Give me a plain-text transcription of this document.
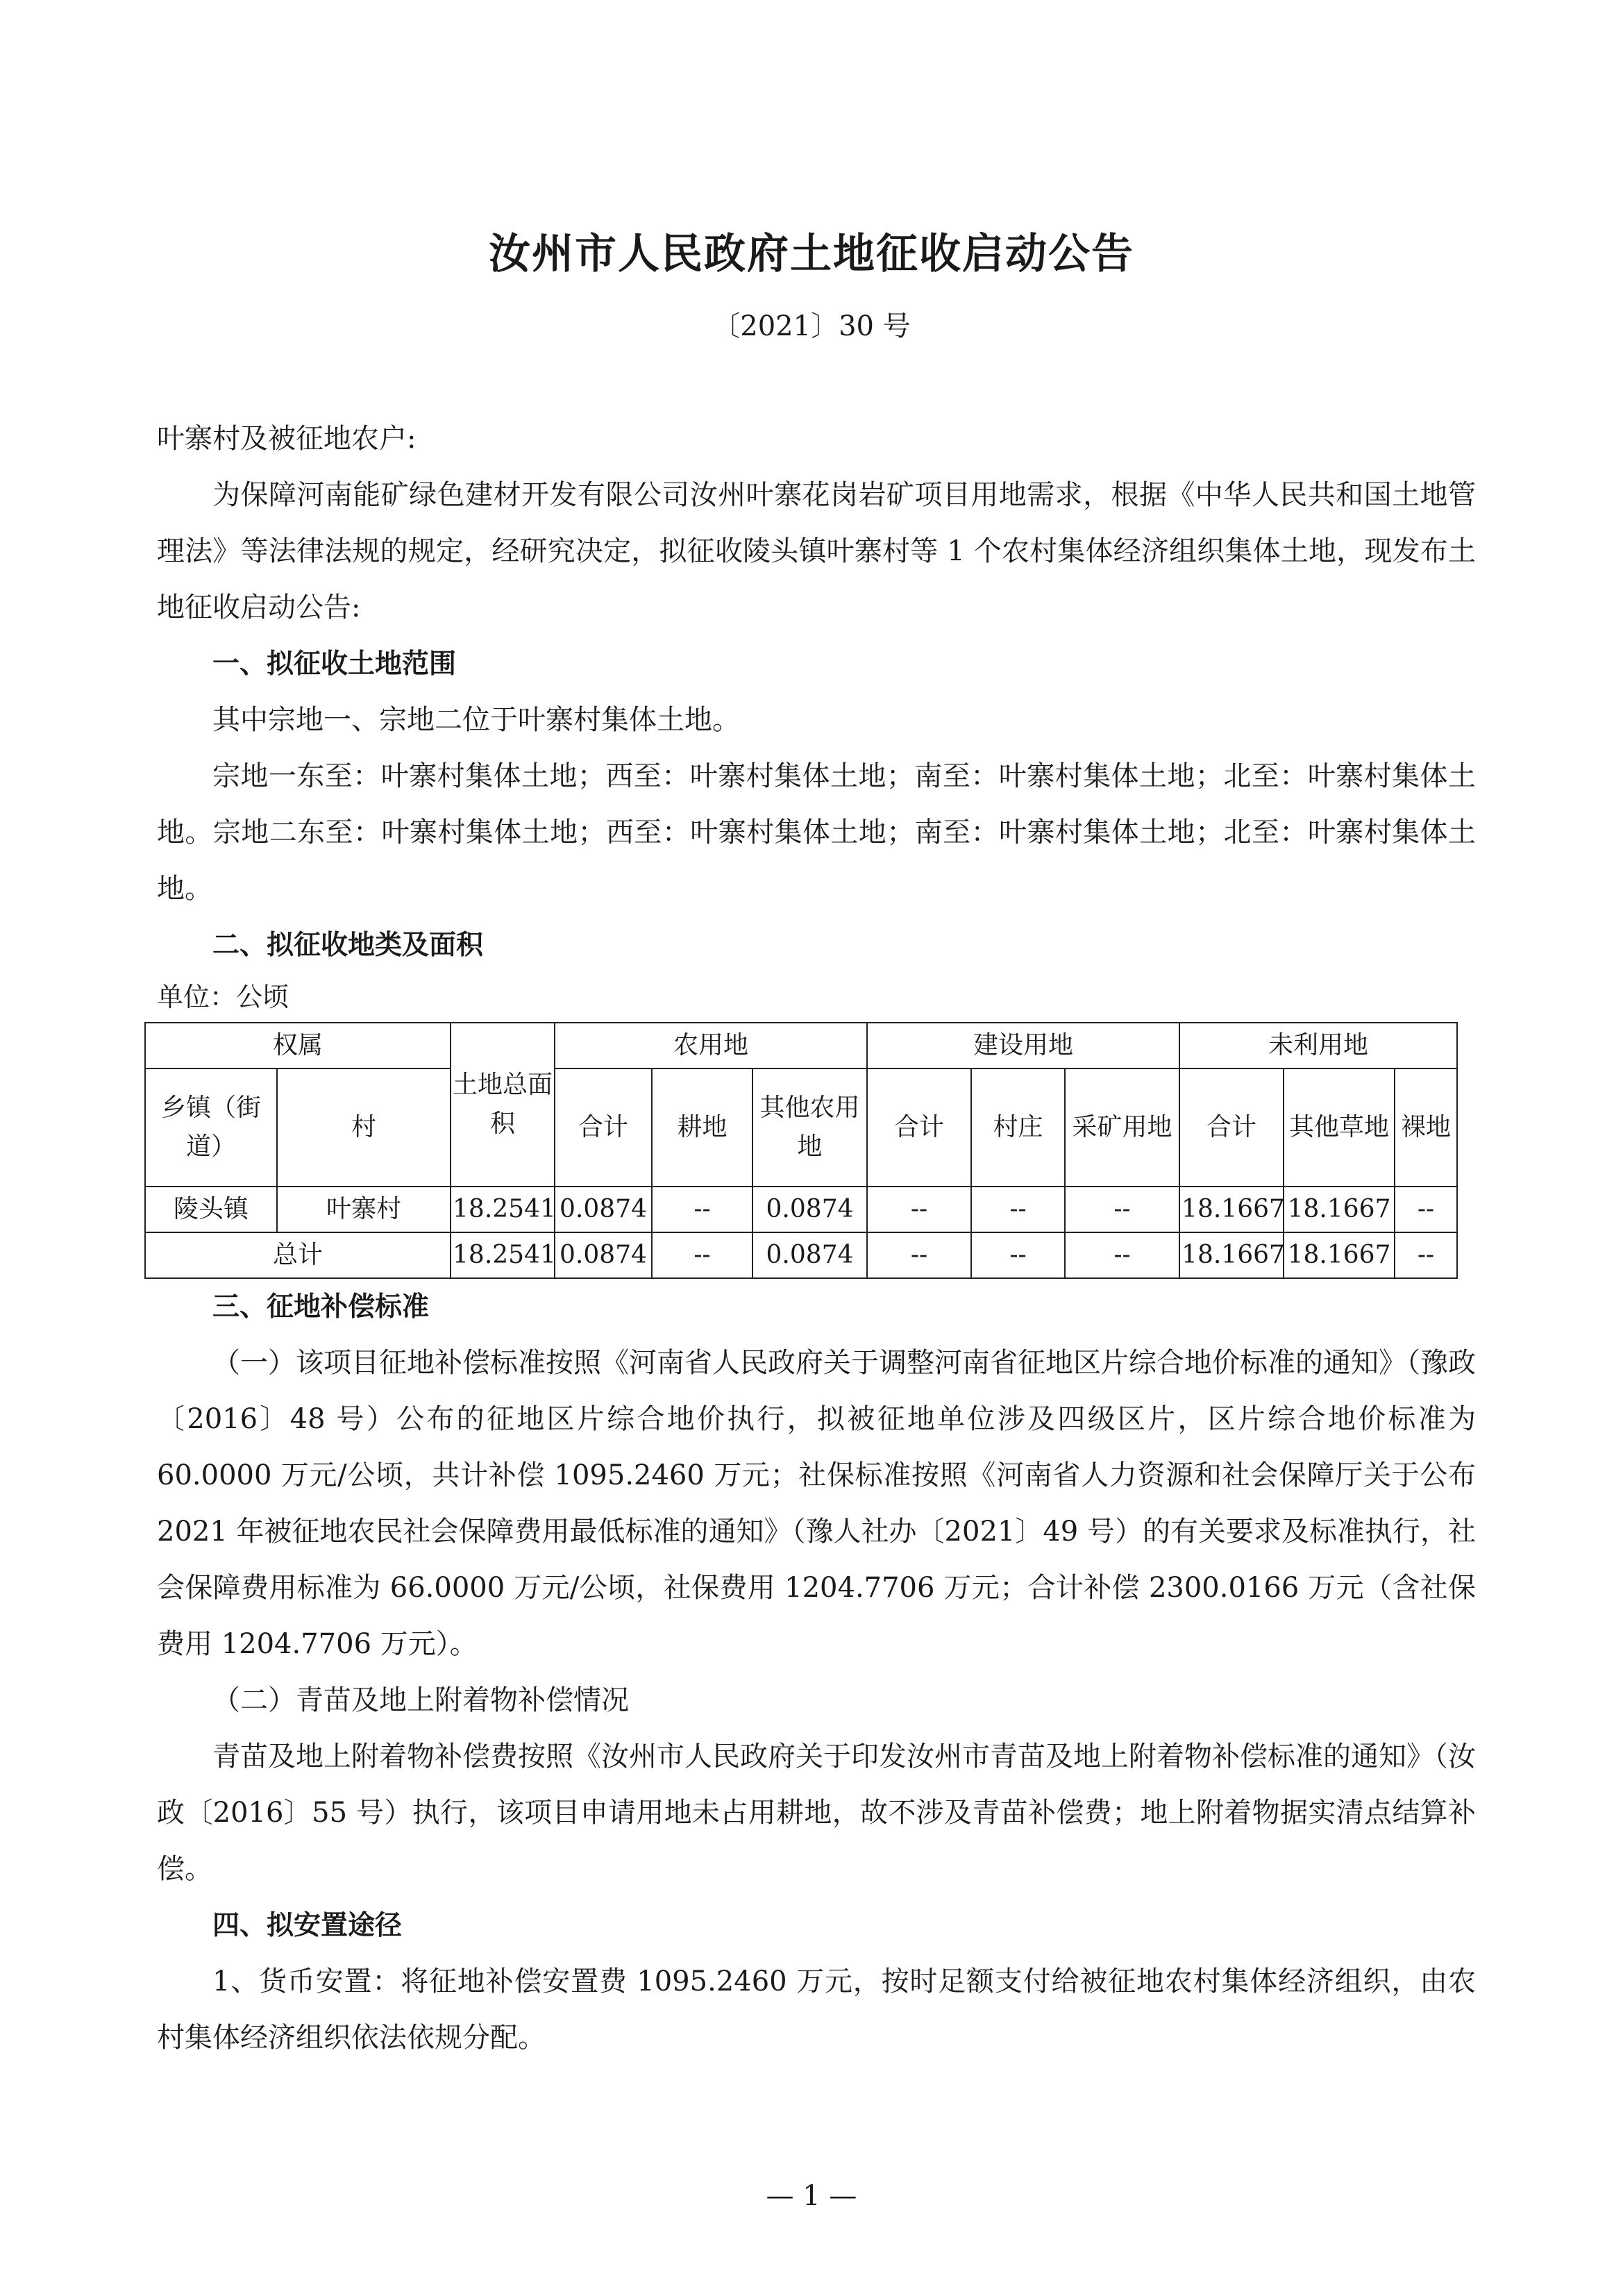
汝州市人民政府土地征收启动公告
〔2021〕30 号

叶寨村及被征地农户:

为保障河南能矿绿色建材开发有限公司汝州叶寨花岗岩矿项目用地需求，根据《中华人民共和国土地管理法》等法律法规的规定，经研究决定，拟征收陵头镇叶寨村等 1 个农村集体经济组织集体土地，现发布土地征收启动公告:

一、拟征收土地范围

其中宗地一、宗地二位于叶寨村集体土地。

宗地一东至：叶寨村集体土地；西至：叶寨村集体土地；南至：叶寨村集体土地；北至：叶寨村集体土地。宗地二东至：叶寨村集体土地；西至：叶寨村集体土地；南至：叶寨村集体土地；北至：叶寨村集体土地。

二、拟征收地类及面积

单位：公顷

权属		土地总面积	农用地			建设用地			未利用地		
乡镇（街道）	村		合计	耕地	其他农用地	合计	村庄	采矿用地	合计	其他草地	裸地
陵头镇	叶寨村	18.2541	0.0874	--	0.0874	--	--	--	18.1667	18.1667	--
总计		18.2541	0.0874	--	0.0874	--	--	--	18.1667	18.1667	--

三、征地补偿标准

（一）该项目征地补偿标准按照《河南省人民政府关于调整河南省征地区片综合地价标准的通知》（豫政〔2016〕48 号）公布的征地区片综合地价执行，拟被征地单位涉及四级区片，区片综合地价标准为 60.0000 万元/公顷，共计补偿 1095.2460 万元；社保标准按照《河南省人力资源和社会保障厅关于公布 2021 年被征地农民社会保障费用最低标准的通知》（豫人社办〔2021〕49 号）的有关要求及标准执行，社会保障费用标准为 66.0000 万元/公顷，社保费用 1204.7706 万元；合计补偿 2300.0166 万元（含社保费用 1204.7706 万元）。

（二）青苗及地上附着物补偿情况

青苗及地上附着物补偿费按照《汝州市人民政府关于印发汝州市青苗及地上附着物补偿标准的通知》（汝政〔2016〕55 号）执行，该项目申请用地未占用耕地，故不涉及青苗补偿费；地上附着物据实清点结算补偿。

四、拟安置途径

1、货币安置：将征地补偿安置费 1095.2460 万元，按时足额支付给被征地农村集体经济组织，由农村集体经济组织依法依规分配。

— 1 —
